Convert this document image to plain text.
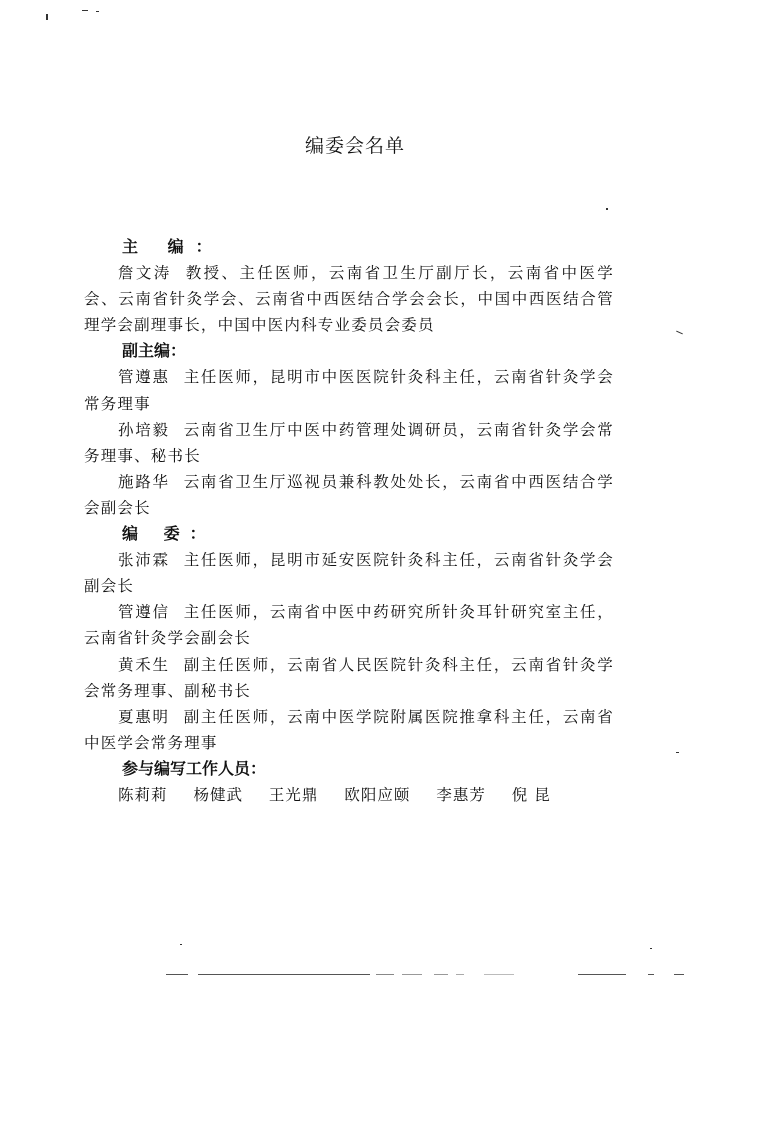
编委会名单
主 编：
詹文涛 教授、主任医师，云南省卫生厅副厅长，云南省中医学会、云南省针灸学会、云南省中西医结合学会会长，中国中西医结合管理学会副理事长，中国中医内科专业委员会委员
副主编：
管遵惠 主任医师，昆明市中医医院针灸科主任，云南省针灸学会常务理事
孙培毅 云南省卫生厅中医中药管理处调研员，云南省针灸学会常务理事、秘书长
施路华 云南省卫生厅巡视员兼科教处处长，云南省中西医结合学会副会长
编 委：
张沛霖 主任医师，昆明市延安医院针灸科主任，云南省针灸学会副会长
管遵信 主任医师，云南省中医中药研究所针灸耳针研究室主任，云南省针灸学会副会长
黄禾生 副主任医师，云南省人民医院针灸科主任，云南省针灸学会常务理事、副秘书长
夏惠明 副主任医师，云南中医学院附属医院推拿科主任，云南省中医学会常务理事
参与编写工作人员：
陈莉莉 杨健武 王光鼎 欧阳应颐 李惠芳 倪 昆
